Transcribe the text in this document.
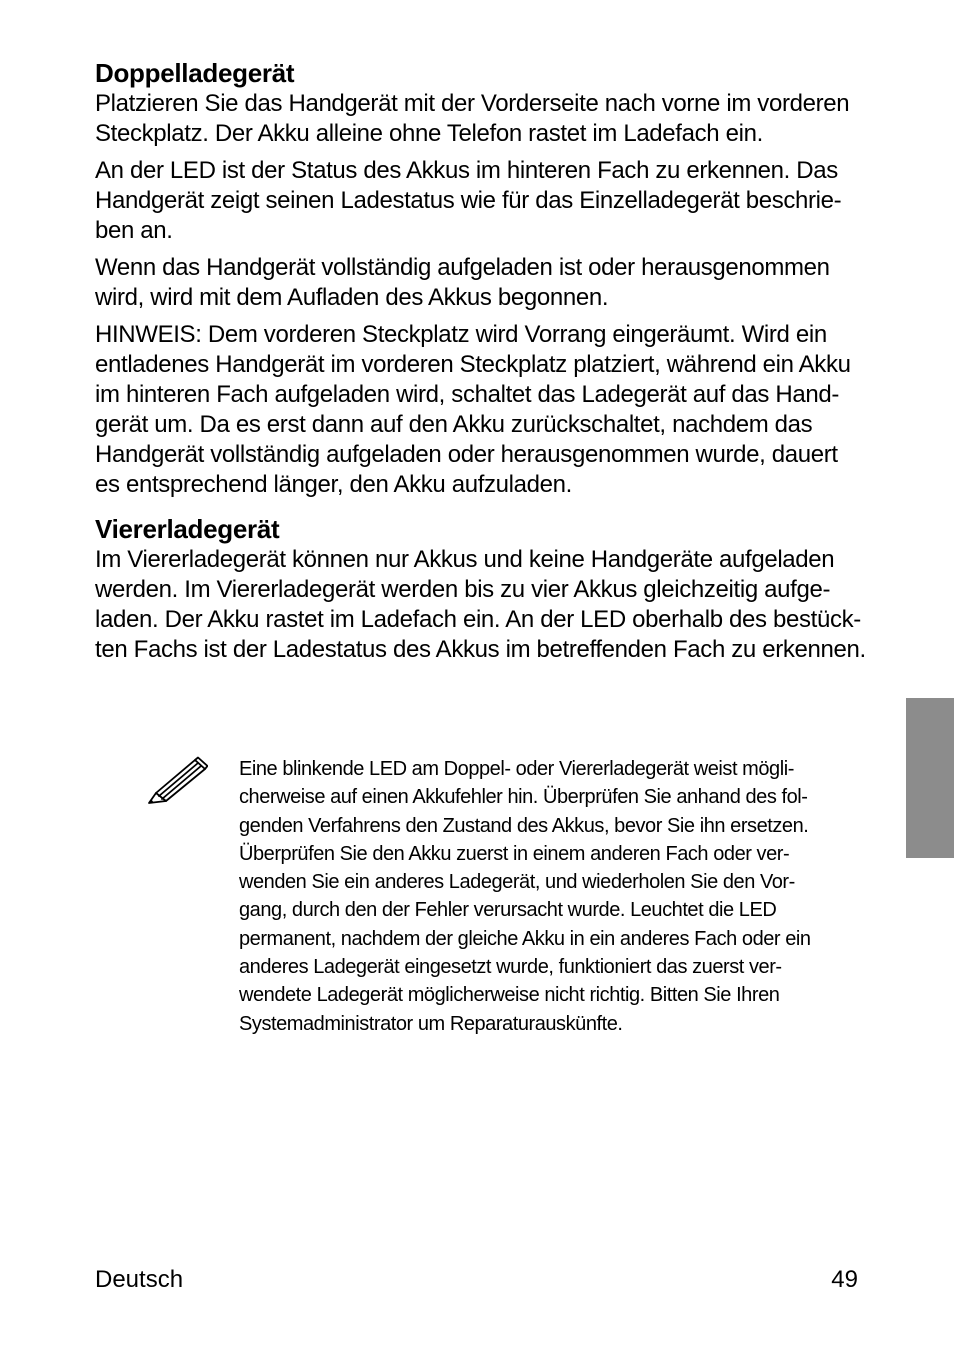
Doppelladegerät

Platzieren Sie das Handgerät mit der Vorderseite nach vorne im vorderen
Steckplatz. Der Akku alleine ohne Telefon rastet im Ladefach ein.

An der LED ist der Status des Akkus im hinteren Fach zu erkennen. Das
Handgerät zeigt seinen Ladestatus wie für das Einzelladegerät beschrie-
ben an.

Wenn das Handgerät vollständig aufgeladen ist oder herausgenommen
wird, wird mit dem Aufladen des Akkus begonnen.

HINWEIS: Dem vorderen Steckplatz wird Vorrang eingeräumt. Wird ein
entladenes Handgerät im vorderen Steckplatz platziert, während ein Akku
im hinteren Fach aufgeladen wird, schaltet das Ladegerät auf das Hand-
gerät um. Da es erst dann auf den Akku zurückschaltet, nachdem das
Handgerät vollständig aufgeladen oder herausgenommen wurde, dauert
es entsprechend länger, den Akku aufzuladen.

Viererladegerät

Im Viererladegerät können nur Akkus und keine Handgeräte aufgeladen
werden. Im Viererladegerät werden bis zu vier Akkus gleichzeitig aufge-
laden. Der Akku rastet im Ladefach ein. An der LED oberhalb des bestück-
ten Fachs ist der Ladestatus des Akkus im betreffenden Fach zu erkennen.

Eine blinkende LED am Doppel- oder Viererladegerät weist mögli-
cherweise auf einen Akkufehler hin. Überprüfen Sie anhand des fol-
genden Verfahrens den Zustand des Akkus, bevor Sie ihn ersetzen.
Überprüfen Sie den Akku zuerst in einem anderen Fach oder ver-
wenden Sie ein anderes Ladegerät, und wiederholen Sie den Vor-
gang, durch den der Fehler verursacht wurde. Leuchtet die LED
permanent, nachdem der gleiche Akku in ein anderes Fach oder ein
anderes Ladegerät eingesetzt wurde, funktioniert das zuerst ver-
wendete Ladegerät möglicherweise nicht richtig. Bitten Sie Ihren
Systemadministrator um Reparaturauskünfte.

Deutsch	49
